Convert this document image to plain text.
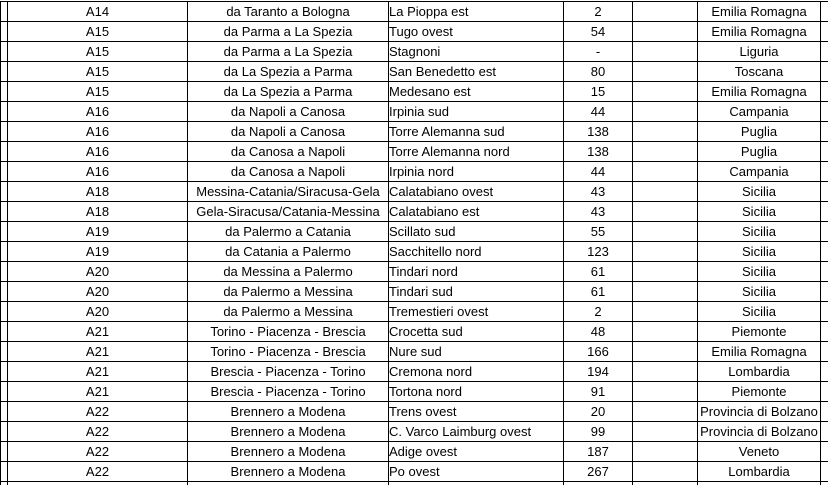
	A14	da Taranto a Bologna	La Pioppa est	2		Emilia Romagna	
	A15	da Parma a La Spezia	Tugo ovest	54		Emilia Romagna	
	A15	da Parma a La Spezia	Stagnoni	-		Liguria	
	A15	da La Spezia a Parma	San Benedetto est	80		Toscana	
	A15	da La Spezia a Parma	Medesano est	15		Emilia Romagna	
	A16	da Napoli a Canosa	Irpinia sud	44		Campania	
	A16	da Napoli a Canosa	Torre Alemanna sud	138		Puglia	
	A16	da Canosa a Napoli	Torre Alemanna nord	138		Puglia	
	A16	da Canosa a Napoli	Irpinia nord	44		Campania	
	A18	Messina-Catania/Siracusa-Gela	Calatabiano ovest	43		Sicilia	
	A18	Gela-Siracusa/Catania-Messina	Calatabiano est	43		Sicilia	
	A19	da Palermo a Catania	Scillato sud	55		Sicilia	
	A19	da Catania a Palermo	Sacchitello nord	123		Sicilia	
	A20	da Messina a Palermo	Tindari nord	61		Sicilia	
	A20	da Palermo a Messina	Tindari sud	61		Sicilia	
	A20	da Palermo a Messina	Tremestieri ovest	2		Sicilia	
	A21	Torino - Piacenza - Brescia	Crocetta sud	48		Piemonte	
	A21	Torino - Piacenza - Brescia	Nure sud	166		Emilia Romagna	
	A21	Brescia - Piacenza - Torino	Cremona nord	194		Lombardia	
	A21	Brescia - Piacenza - Torino	Tortona nord	91		Piemonte	
	A22	Brennero a Modena	Trens ovest	20		Provincia di Bolzano	
	A22	Brennero a Modena	C. Varco Laimburg ovest	99		Provincia di Bolzano	
	A22	Brennero a Modena	Adige ovest	187		Veneto	
	A22	Brennero a Modena	Po ovest	267		Lombardia	
